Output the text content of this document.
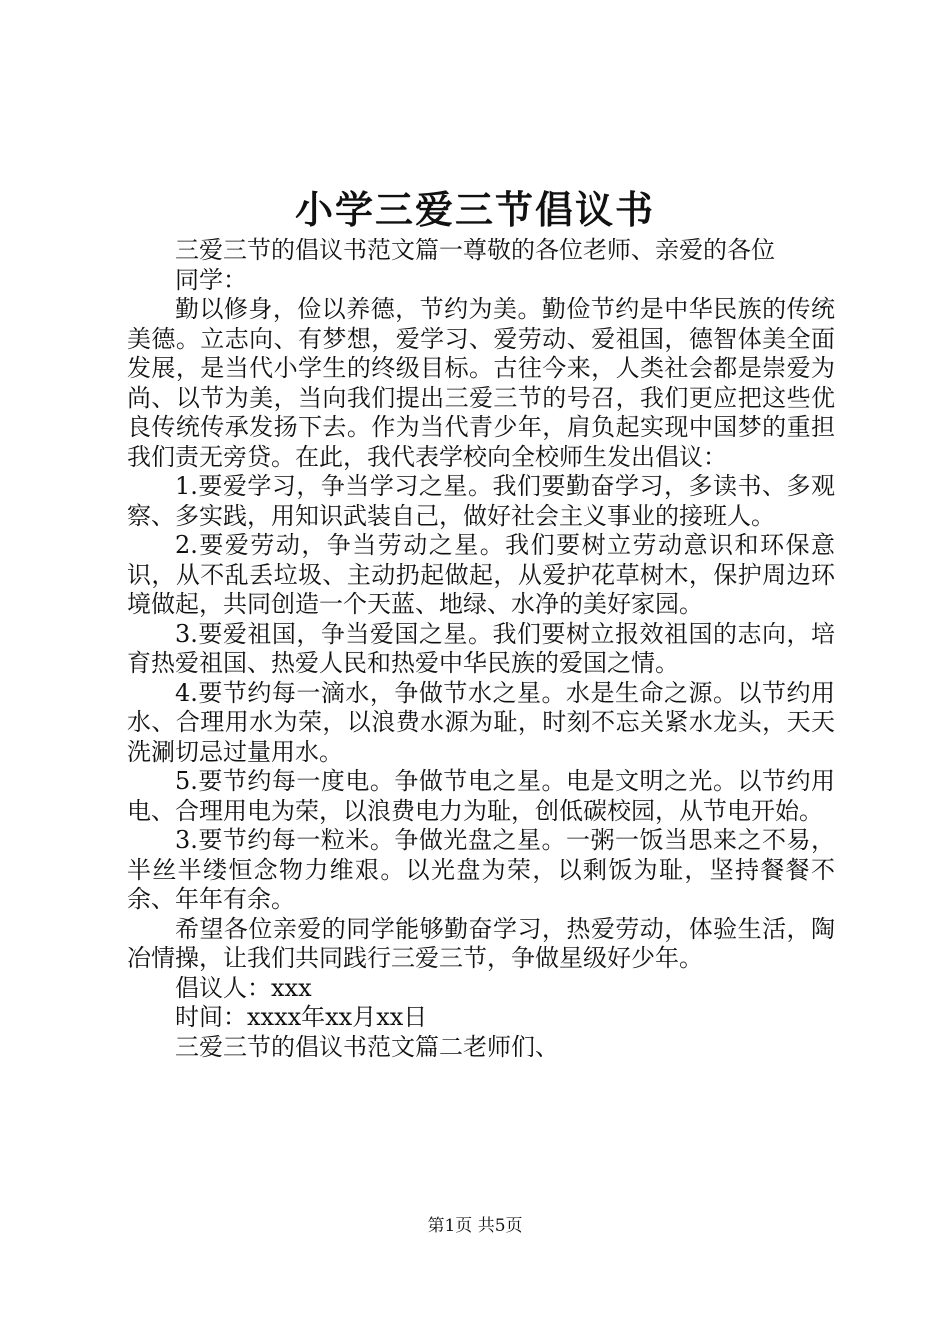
小学三爱三节倡议书

三爱三节的倡议书范文篇一尊敬的各位老师、亲爱的各位

同学：

勤以修身，俭以养德，节约为美。勤俭节约是中华民族的传统美德。立志向、有梦想，爱学习、爱劳动、爱祖国，德智体美全面发展，是当代小学生的终级目标。古往今来，人类社会都是崇爱为尚、以节为美，当向我们提出三爱三节的号召，我们更应把这些优良传统传承发扬下去。作为当代青少年，肩负起实现中国梦的重担我们责无旁贷。在此，我代表学校向全校师生发出倡议：

1.要爱学习，争当学习之星。我们要勤奋学习，多读书、多观察、多实践，用知识武装自己，做好社会主义事业的接班人。

2.要爱劳动，争当劳动之星。我们要树立劳动意识和环保意识，从不乱丢垃圾、主动扔起做起，从爱护花草树木，保护周边环境做起，共同创造一个天蓝、地绿、水净的美好家园。

3.要爱祖国，争当爱国之星。我们要树立报效祖国的志向，培育热爱祖国、热爱人民和热爱中华民族的爱国之情。

4.要节约每一滴水，争做节水之星。水是生命之源。以节约用水、合理用水为荣，以浪费水源为耻，时刻不忘关紧水龙头，天天洗涮切忌过量用水。

5.要节约每一度电。争做节电之星。电是文明之光。以节约用电、合理用电为荣，以浪费电力为耻，创低碳校园，从节电开始。

3.要节约每一粒米。争做光盘之星。一粥一饭当思来之不易，半丝半缕恒念物力维艰。以光盘为荣，以剩饭为耻，坚持餐餐不余、年年有余。

希望各位亲爱的同学能够勤奋学习，热爱劳动，体验生活，陶冶情操，让我们共同践行三爱三节，争做星级好少年。

倡议人：xxx

时间：xxxx年xx月xx日

三爱三节的倡议书范文篇二老师们、

第1页 共5页
